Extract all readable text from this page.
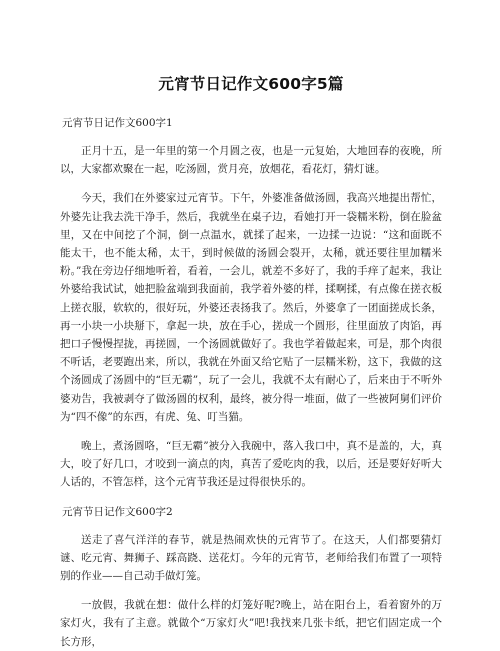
元宵节日记作文600字5篇

元宵节日记作文600字1

正月十五，是一年里的第一个月圆之夜，也是一元复始，大地回春的夜晚，所以，大家都欢聚在一起，吃汤圆，赏月亮，放烟花，看花灯，猜灯谜。

今天，我们在外婆家过元宵节。下午，外婆准备做汤圆，我高兴地提出帮忙，外婆先让我去洗干净手，然后，我就坐在桌子边，看她打开一袋糯米粉，倒在脸盆里，又在中间挖了个洞，倒一点温水，就揉了起来，一边揉一边说：“这和面既不能太干，也不能太稀，太干，到时候做的汤圆会裂开，太稀，就还要往里加糯米粉。”我在旁边仔细地听着，看着，一会儿，就差不多好了，我的手痒了起来，我让外婆给我试试，她把脸盆端到我面前，我学着外婆的样，揉啊揉，有点像在搓衣板上搓衣服，软软的，很好玩，外婆还表扬我了。然后，外婆拿了一团面搓成长条，再一小块一小块掰下，拿起一块，放在手心，搓成一个圆形，往里面放了肉馅，再把口子慢慢捏拢，再搓圆，一个汤圆就做好了。我也学着做起来，可是，那个肉很不听话，老要跑出来，所以，我就在外面又给它贴了一层糯米粉，这下，我做的这个汤圆成了汤圆中的“巨无霸”，玩了一会儿，我就不太有耐心了，后来由于不听外婆劝告，我被剥夺了做汤圆的权利，最终，被分得一堆面，做了一些被阿舅们评价为“四不像”的东西，有虎、兔、叮当猫。

晚上，煮汤圆咯，“巨无霸”被分入我碗中，落入我口中，真不是盖的，大，真大，咬了好几口，才咬到一滴点的肉，真苦了爱吃肉的我，以后，还是要好好听大人话的，不管怎样，这个元宵节我还是过得很快乐的。

元宵节日记作文600字2

送走了喜气洋洋的春节，就是热闹欢快的元宵节了。在这天，人们都要猜灯谜、吃元宵、舞狮子、踩高跷、送花灯。今年的元宵节，老师给我们布置了一项特别的作业——自己动手做灯笼。

一放假，我就在想：做什么样的灯笼好呢?晚上，站在阳台上，看着窗外的万家灯火，我有了主意。就做个“万家灯火”吧!我找来几张卡纸，把它们固定成一个长方形，
